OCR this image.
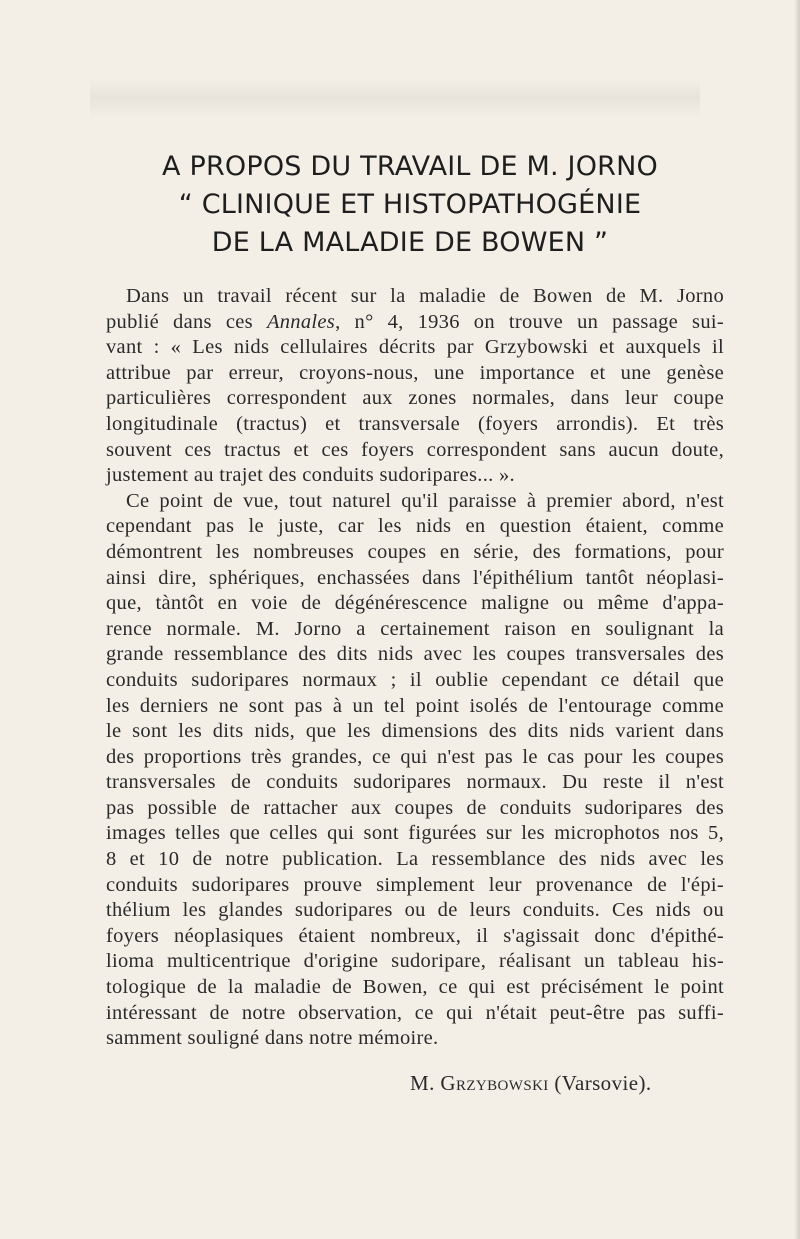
A PROPOS DU TRAVAIL DE M. JORNO
“ CLINIQUE ET HISTOPATHOGÉNIE
DE LA MALADIE DE BOWEN ”
Dans un travail récent sur la maladie de Bowen de M. Jorno
publié dans ces Annales, n° 4, 1936 on trouve un passage sui-
vant : « Les nids cellulaires décrits par Grzybowski et auxquels il
attribue par erreur, croyons-nous, une importance et une genèse
particulières correspondent aux zones normales, dans leur coupe
longitudinale (tractus) et transversale (foyers arrondis). Et très
souvent ces tractus et ces foyers correspondent sans aucun doute,
justement au trajet des conduits sudoripares... ».
Ce point de vue, tout naturel qu'il paraisse à premier abord, n'est
cependant pas le juste, car les nids en question étaient, comme
démontrent les nombreuses coupes en série, des formations, pour
ainsi dire, sphériques, enchassées dans l'épithélium tantôt néoplasi-
que, tàntôt en voie de dégénérescence maligne ou même d'appa-
rence normale. M. Jorno a certainement raison en soulignant la
grande ressemblance des dits nids avec les coupes transversales des
conduits sudoripares normaux ; il oublie cependant ce détail que
les derniers ne sont pas à un tel point isolés de l'entourage comme
le sont les dits nids, que les dimensions des dits nids varient dans
des proportions très grandes, ce qui n'est pas le cas pour les coupes
transversales de conduits sudoripares normaux. Du reste il n'est
pas possible de rattacher aux coupes de conduits sudoripares des
images telles que celles qui sont figurées sur les microphotos nos 5,
8 et 10 de notre publication. La ressemblance des nids avec les
conduits sudoripares prouve simplement leur provenance de l'épi-
thélium les glandes sudoripares ou de leurs conduits. Ces nids ou
foyers néoplasiques étaient nombreux, il s'agissait donc d'épithé-
lioma multicentrique d'origine sudoripare, réalisant un tableau his-
tologique de la maladie de Bowen, ce qui est précisément le point
intéressant de notre observation, ce qui n'était peut-être pas suffi-
samment souligné dans notre mémoire.
M. Grzybowski (Varsovie).
